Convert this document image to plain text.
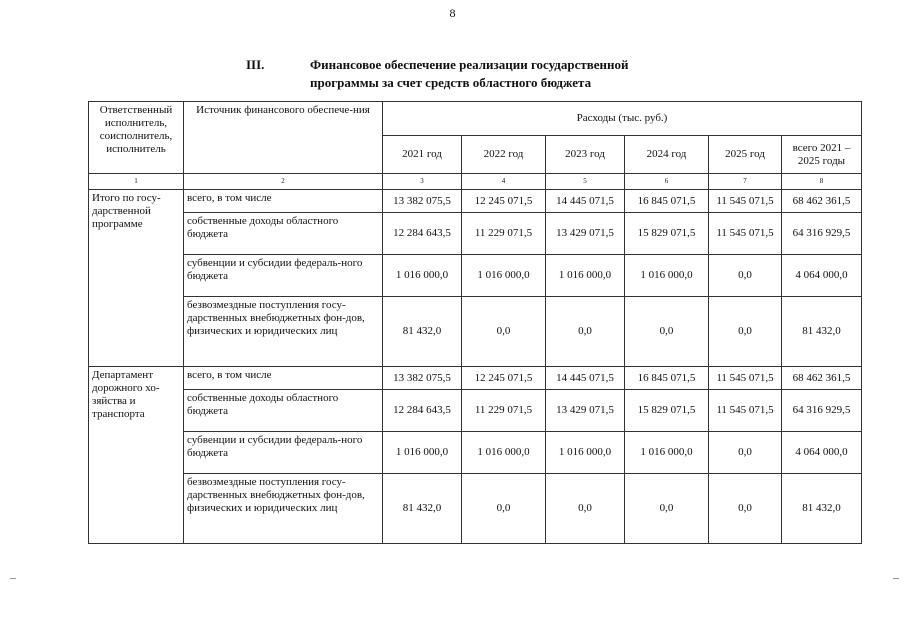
8
III.	Финансовое обеспечение реализации государственной
программы за счет средств областного бюджета
Ответственный исполнитель, соисполнитель, исполнитель	Источник финансового обеспече-ния	Расходы (тыс. руб.)					
		2021 год	2022 год	2023 год	2024 год	2025 год	всего 2021 – 2025 годы
1	2	3	4	5	6	7	8
Итого по госу-дарственной программе	всего, в том числе	13 382 075,5	12 245 071,5	14 445 071,5	16 845 071,5	11 545 071,5	68 462 361,5
	собственные доходы областного бюджета	12 284 643,5	11 229 071,5	13 429 071,5	15 829 071,5	11 545 071,5	64 316 929,5
	субвенции и субсидии федераль-ного бюджета	1 016 000,0	1 016 000,0	1 016 000,0	1 016 000,0	0,0	4 064 000,0
	безвозмездные поступления госу-дарственных внебюджетных фон-дов, физических и юридических лиц	81 432,0	0,0	0,0	0,0	0,0	81 432,0
Департамент дорожного хо-зяйства и транспорта	всего, в том числе	13 382 075,5	12 245 071,5	14 445 071,5	16 845 071,5	11 545 071,5	68 462 361,5
	собственные доходы областного бюджета	12 284 643,5	11 229 071,5	13 429 071,5	15 829 071,5	11 545 071,5	64 316 929,5
	субвенции и субсидии федераль-ного бюджета	1 016 000,0	1 016 000,0	1 016 000,0	1 016 000,0	0,0	4 064 000,0
	безвозмездные поступления госу-дарственных внебюджетных фон-дов, физических и юридических лиц	81 432,0	0,0	0,0	0,0	0,0	81 432,0
